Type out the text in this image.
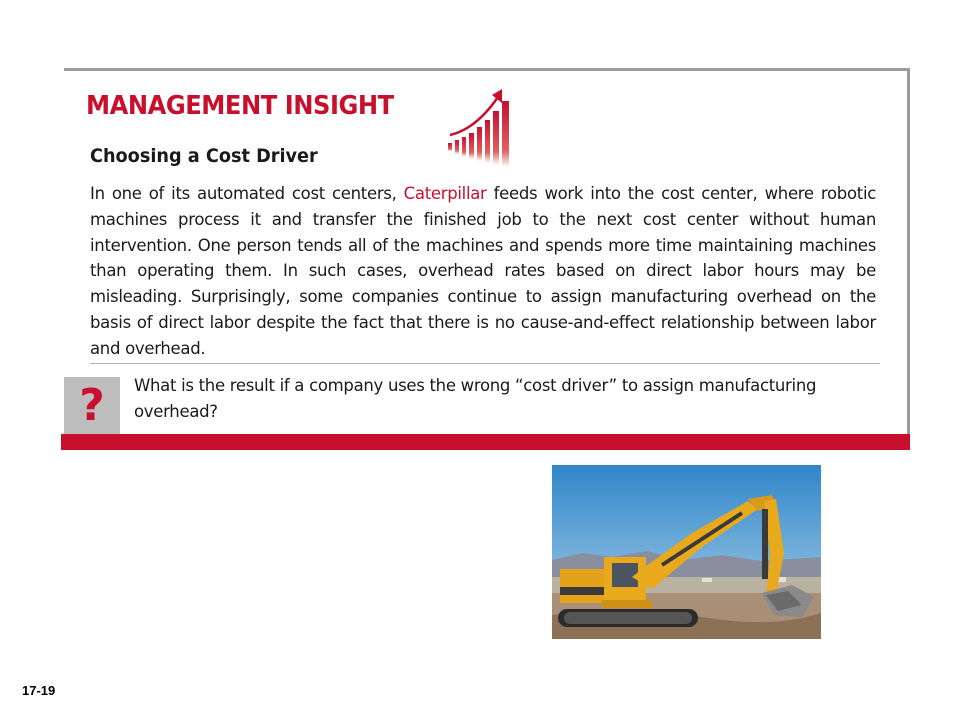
MANAGEMENT INSIGHT
Choosing a Cost Driver
In one of its automated cost centers, Caterpillar feeds work into the cost center, where robotic machines process it and transfer the finished job to the next cost center without human intervention. One person tends all of the machines and spends more time maintaining machines than operating them. In such cases, overhead rates based on direct labor hours may be misleading. Surprisingly, some companies continue to assign manufacturing overhead on the basis of direct labor despite the fact that there is no cause-and-effect relationship between labor and overhead.
? What is the result if a company uses the wrong “cost driver” to assign manufacturing overhead?
17-19
